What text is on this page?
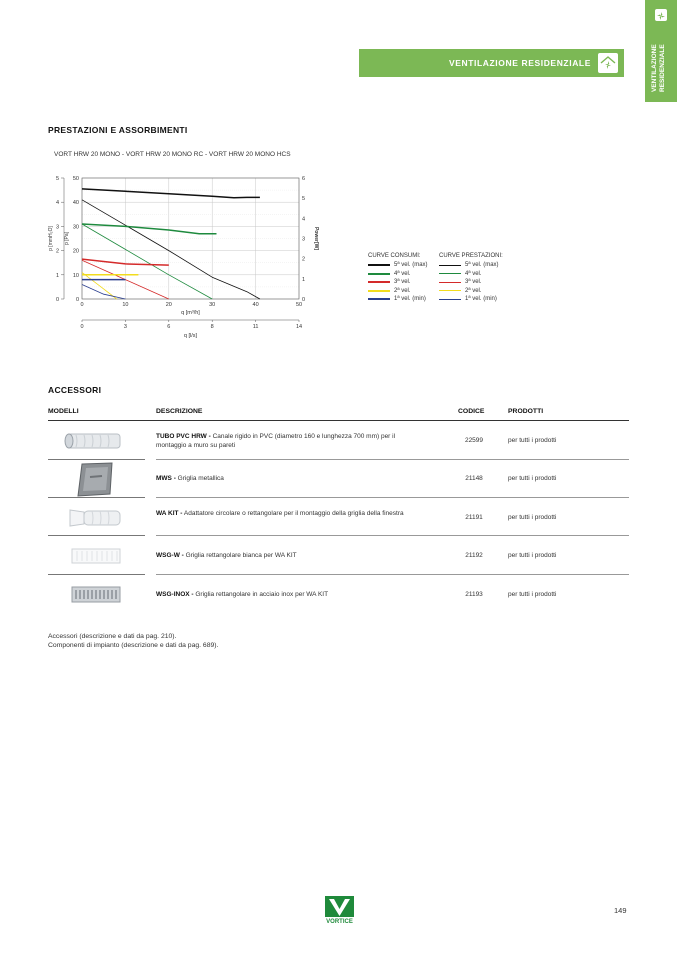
VENTILAZIONE RESIDENZIALE
VENTILAZIONE RESIDENZIALE
PRESTAZIONI E ASSORBIMENTI
VORT HRW 20 MONO - VORT HRW 20 MONO RC - VORT HRW 20 MONO HCS
0
10
20
30
40
50
0
1
2
3
4
5
0
1
2
3
4
5
6
0	10	20	30	40	50
q [m³/h]
0	3	6	8	11	14
q [l/s]
p [mmH₂O] p [Pa]	Power[W]
CURVE CONSUMI:
5ª vel. (max)
4ª vel.
3ª vel.
2ª vel.
1ª vel. (min)
CURVE PRESTAZIONI:
5ª vel. (max)
4ª vel.
3ª vel.
2ª vel.
1ª vel. (min)
ACCESSORI
MODELLI	DESCRIZIONE	CODICE	PRODOTTI
TUBO PVC HRW - Canale rigido in PVC (diametro 160 e lunghezza 700 mm) per il montaggio a muro su pareti
22599	per tutti i prodotti
MWS - Griglia metallica	21148	per tutti i prodotti
WA KIT - Adattatore circolare o rettangolare per il montaggio della griglia della finestra
21191	per tutti i prodotti
WSG-W - Griglia rettangolare bianca per WA KIT	21192	per tutti i prodotti
WSG-INOX - Griglia rettangolare in acciaio inox per WA KIT	21193	per tutti i prodotti
Accessori (descrizione e dati da pag. 210).
Componenti di impianto (descrizione e dati da pag. 689).
VORTICE
149
